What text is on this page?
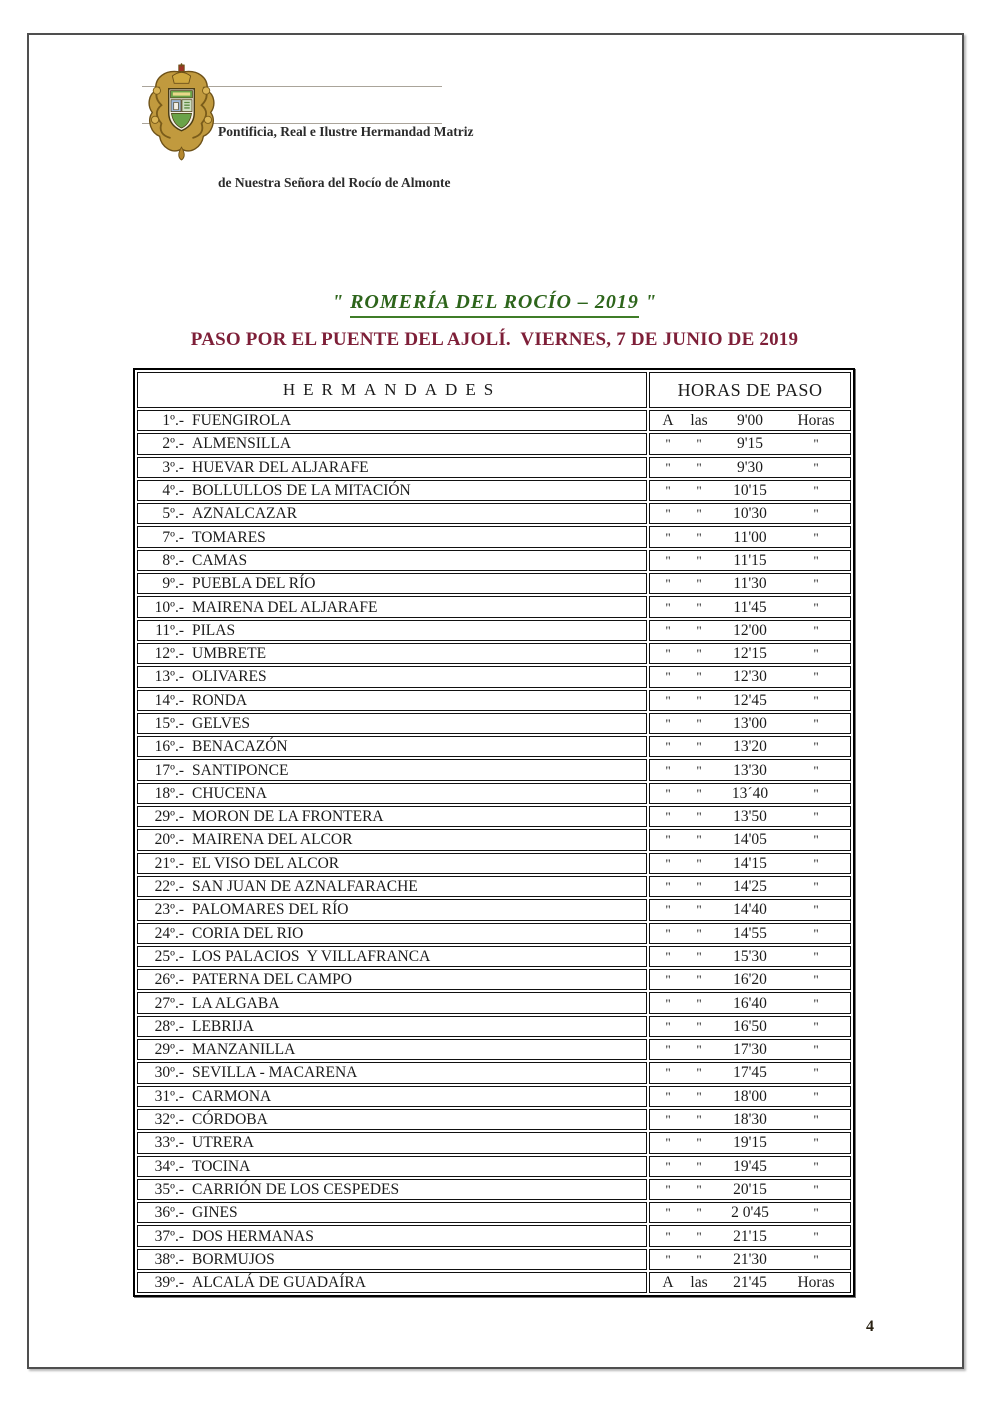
Pontificia, Real e Ilustre Hermandad Matriz

de Nuestra Señora del Rocío de Almonte

" ROMERÍA DEL ROCÍO – 2019 "
PASO POR EL PUENTE DEL AJOLÍ.  VIERNES, 7 DE JUNIO DE 2019
HERMANDADES	HORAS DE PASO
1º.- FUENGIROLA	A las 9'00 Horas

2º.- ALMENSILLA	" " 9'15 "

3º.- HUEVAR DEL ALJARAFE	" " 9'30 "

4º.- BOLLULLOS DE LA MITACIÓN	" " 10'15 "

5º.- AZNALCAZAR	" " 10'30 "

7º.- TOMARES	" " 11'00 "

8º.- CAMAS	" " 11'15 "

9º.- PUEBLA DEL RÍO	" " 11'30 "

10º.- MAIRENA DEL ALJARAFE	" " 11'45 "

11º.- PILAS	" " 12'00 "

12º.- UMBRETE	" " 12'15 "

13º.- OLIVARES	" " 12'30 "

14º.- RONDA	" " 12'45 "

15º.- GELVES	" " 13'00 "

16º.- BENACAZÓN	" " 13'20 "

17º.- SANTIPONCE	" " 13'30 "

18º.- CHUCENA	" " 13´40 "

29º.- MORON DE LA FRONTERA	" " 13'50 "

20º.- MAIRENA DEL ALCOR	" " 14'05 "

21º.- EL VISO DEL ALCOR	" " 14'15 "

22º.- SAN JUAN DE AZNALFARACHE	" " 14'25 "

23º.- PALOMARES DEL RÍO	" " 14'40 "

24º.- CORIA DEL RIO	" " 14'55 "

25º.- LOS PALACIOS  Y VILLAFRANCA	" " 15'30 "

26º.- PATERNA DEL CAMPO	" " 16'20 "

27º.- LA ALGABA	" " 16'40 "

28º.- LEBRIJA	" " 16'50 "

29º.- MANZANILLA	" " 17'30 "

30º.- SEVILLA - MACARENA	" " 17'45 "

31º.- CARMONA	" " 18'00 "

32º.- CÓRDOBA	" " 18'30 "

33º.- UTRERA	" " 19'15 "

34º.- TOCINA	" " 19'45 "

35º.- CARRIÓN DE LOS CESPEDES	" " 20'15 "

36º.- GINES	" " 2 0'45 "

37º.- DOS HERMANAS	" " 21'15 "

38º.- BORMUJOS	" " 21'30 "

39º.- ALCALÁ DE GUADAÍRA	A las 21'45 Horas
4
